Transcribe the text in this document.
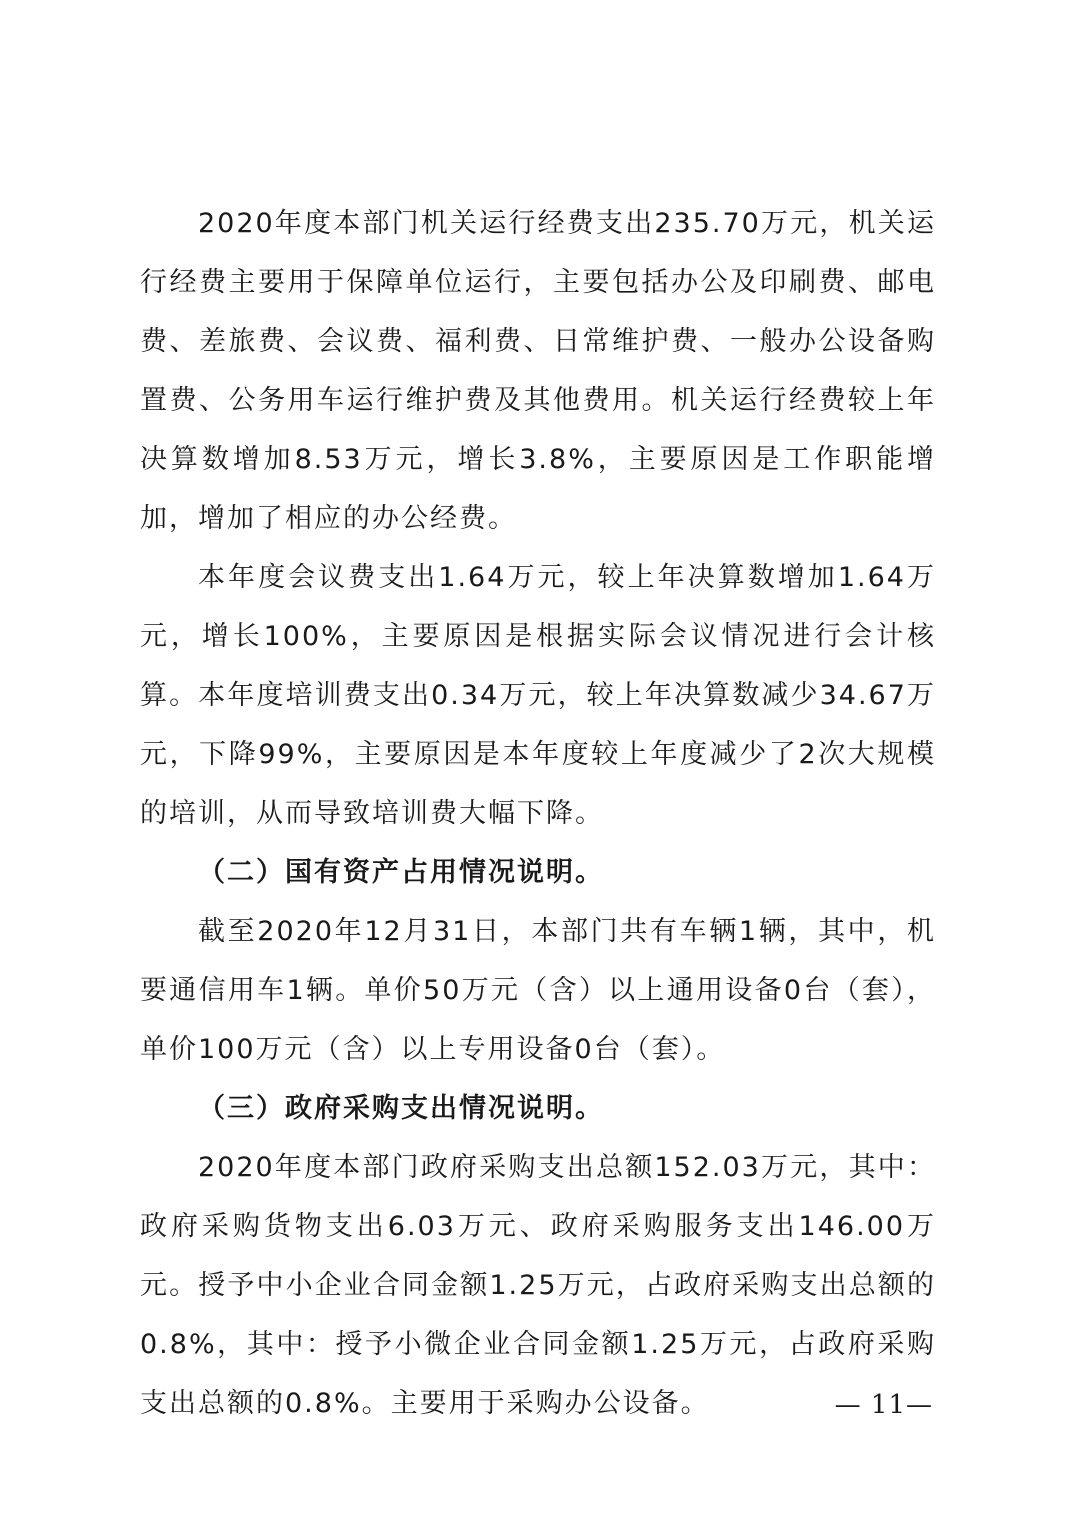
2020年度本部门机关运行经费支出235.70万元，机关运行经费主要用于保障单位运行，主要包括办公及印刷费、邮电费、差旅费、会议费、福利费、日常维护费、一般办公设备购置费、公务用车运行维护费及其他费用。机关运行经费较上年决算数增加8.53万元，增长3.8%，主要原因是工作职能增加，增加了相应的办公经费。

本年度会议费支出1.64万元，较上年决算数增加1.64万元，增长100%，主要原因是根据实际会议情况进行会计核算。本年度培训费支出0.34万元，较上年决算数减少34.67万元，下降99%，主要原因是本年度较上年度减少了2次大规模的培训，从而导致培训费大幅下降。

（二）国有资产占用情况说明。

截至2020年12月31日，本部门共有车辆1辆，其中，机要通信用车1辆。单价50万元（含）以上通用设备0台（套），单价100万元（含）以上专用设备0台（套）。

（三）政府采购支出情况说明。

2020年度本部门政府采购支出总额152.03万元，其中：政府采购货物支出6.03万元、政府采购服务支出146.00万元。授予中小企业合同金额1.25万元，占政府采购支出总额的0.8%，其中：授予小微企业合同金额1.25万元，占政府采购支出总额的0.8%。主要用于采购办公设备。	— 11—
